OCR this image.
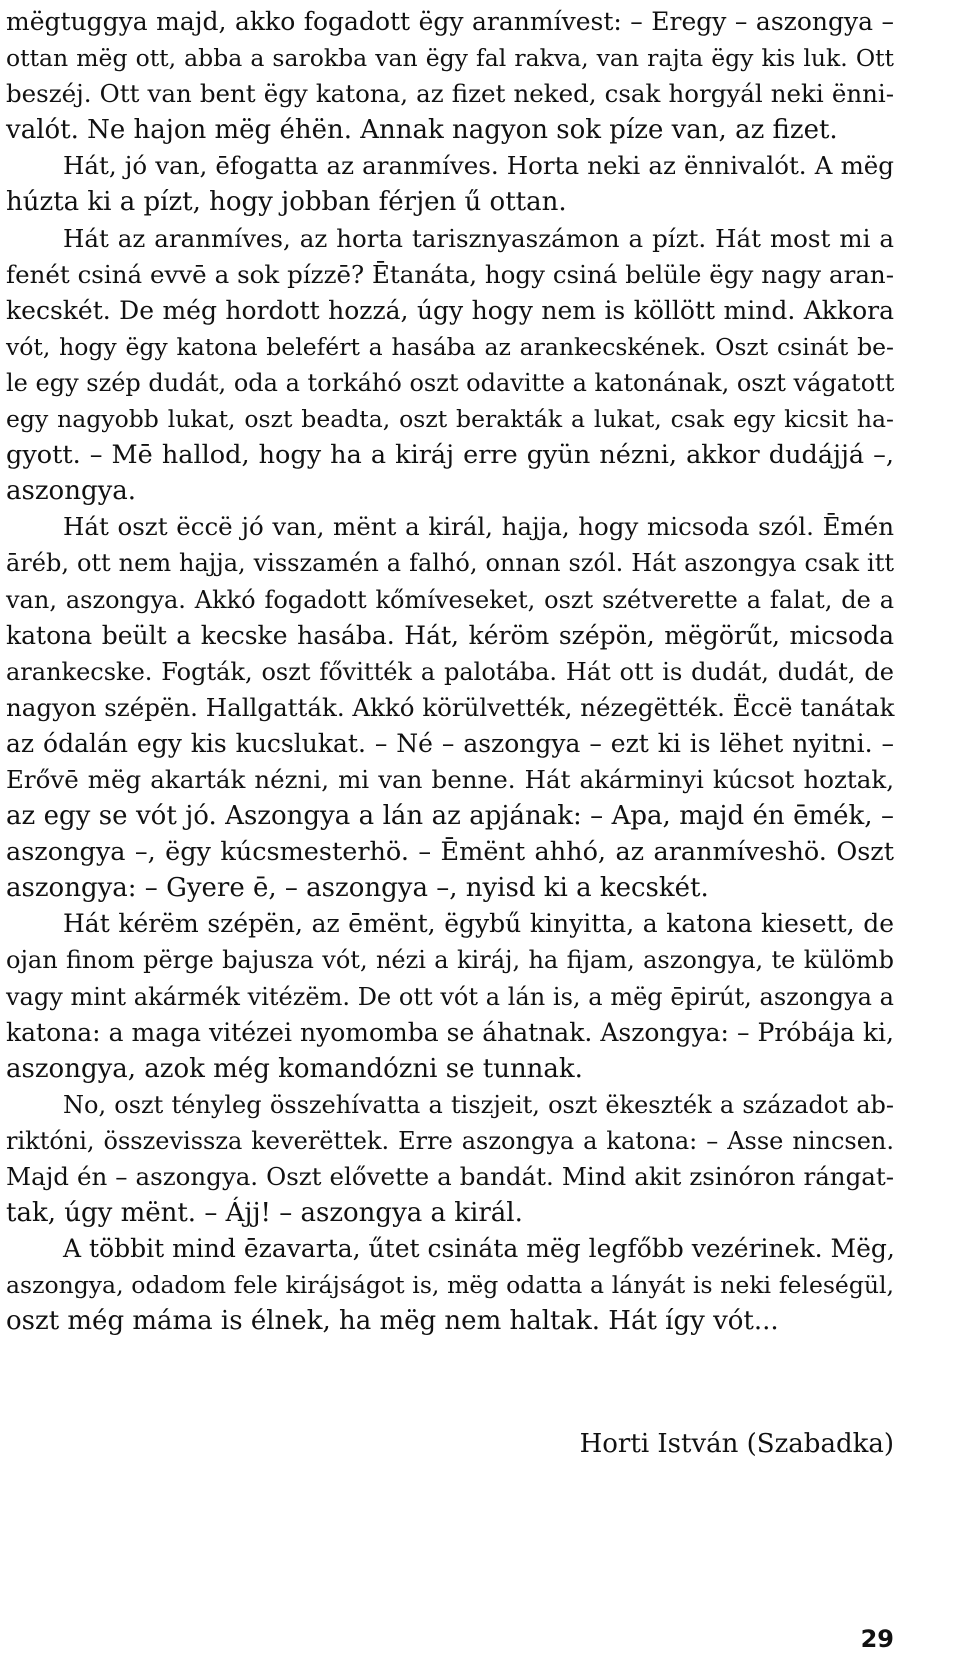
mëgtuggya majd, akko fogadott ëgy aranmívest: – Eregy – aszongya –
ottan mëg ott, abba a sarokba van ëgy fal rakva, van rajta ëgy kis luk. Ott
beszéj. Ott van bent ëgy katona, az fizet neked, csak horgyál neki ënni-
valót. Ne hajon mëg éhën. Annak nagyon sok píze van, az fizet.
Hát, jó van, ēfogatta az aranmíves. Horta neki az ënnivalót. A mëg
húzta ki a pízt, hogy jobban férjen ű ottan.
Hát az aranmíves, az horta tarisznyaszámon a pízt. Hát most mi a
fenét csiná evvē a sok pízzē? Ētanáta, hogy csiná belüle ëgy nagy aran-
kecskét. De még hordott hozzá, úgy hogy nem is köllött mind. Akkora
vót, hogy ëgy katona belefért a hasába az arankecskének. Oszt csinát be-
le egy szép dudát, oda a torkáhó oszt odavitte a katonának, oszt vágatott
egy nagyobb lukat, oszt beadta, oszt berakták a lukat, csak egy kicsit ha-
gyott. – Mē hallod, hogy ha a kiráj erre gyün nézni, akkor dudájjá –,
aszongya.
Hát oszt ëccë jó van, mënt a királ, hajja, hogy micsoda szól. Ēmén
āréb, ott nem hajja, visszamén a falhó, onnan szól. Hát aszongya csak itt
van, aszongya. Akkó fogadott kőmíveseket, oszt szétverette a falat, de a
katona beült a kecske hasába. Hát, kéröm szépön, mëgörűt, micsoda
arankecske. Fogták, oszt fővitték a palotába. Hát ott is dudát, dudát, de
nagyon szépën. Hallgatták. Akkó körülvették, nézegëtték. Ëccë tanátak
az ódalán egy kis kucslukat. – Né – aszongya – ezt ki is lëhet nyitni. –
Erővē mëg akarták nézni, mi van benne. Hát akárminyi kúcsot hoztak,
az egy se vót jó. Aszongya a lán az apjának: – Apa, majd én ēmék, –
aszongya –, ëgy kúcsmesterhö. – Ēmënt ahhó, az aranmíveshö. Oszt
aszongya: – Gyere ē, – aszongya –, nyisd ki a kecskét.
Hát kérëm szépën, az ēmënt, ëgybű kinyitta, a katona kiesett, de
ojan finom përge bajusza vót, nézi a kiráj, ha fijam, aszongya, te külömb
vagy mint akármék vitézëm. De ott vót a lán is, a mëg ēpirút, aszongya a
katona: a maga vitézei nyomomba se áhatnak. Aszongya: – Próbája ki,
aszongya, azok még komandózni se tunnak.
No, oszt tényleg összehívatta a tiszjeit, oszt ëkeszték a századot ab-
riktóni, összevissza keverëttek. Erre aszongya a katona: – Asse nincsen.
Majd én – aszongya. Oszt elővette a bandát. Mind akit zsinóron rángat-
tak, úgy mënt. – Ájj! – aszongya a királ.
A többit mind ēzavarta, űtet csináta mëg legfőbb vezérinek. Mëg,
aszongya, odadom fele kirájságot is, mëg odatta a lányát is neki feleségül,
oszt még máma is élnek, ha mëg nem haltak. Hát így vót...
Horti István (Szabadka)
29
